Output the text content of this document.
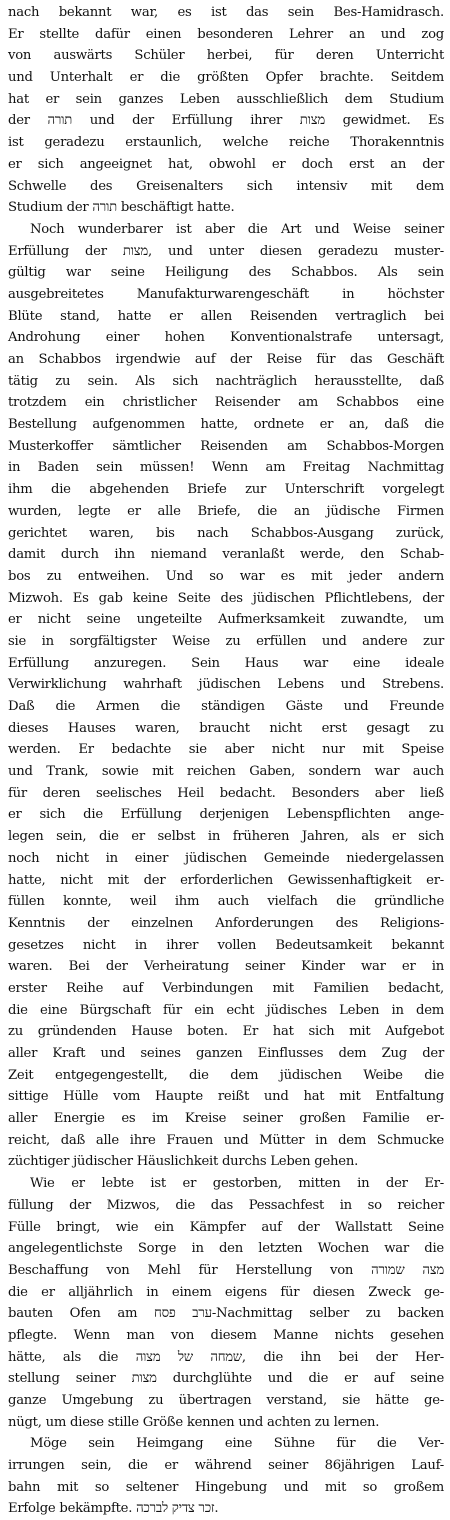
nach bekannt war, es ist das sein Bes-Hamidrasch.
Er stellte dafür einen besonderen Lehrer an und zog
von auswärts Schüler herbei, für deren Unterricht
und Unterhalt er die größten Opfer brachte. Seitdem
hat er sein ganzes Leben ausschließlich dem Studium
der תורה und der Erfüllung ihrer מצות gewidmet. Es
ist geradezu erstaunlich, welche reiche Thorakenntnis
er sich angeeignet hat, obwohl er doch erst an der
Schwelle des Greisenalters sich intensiv mit dem
Studium der תורה beschäftigt hatte.
Noch wunderbarer ist aber die Art und Weise seiner
Erfüllung der מצות, und unter diesen geradezu muster-
gültig war seine Heiligung des Schabbos. Als sein
ausgebreitetes Manufakturwarengeschäft in höchster
Blüte stand, hatte er allen Reisenden vertraglich bei
Androhung einer hohen Konventionalstrafe untersagt,
an Schabbos irgendwie auf der Reise für das Geschäft
tätig zu sein. Als sich nachträglich herausstellte, daß
trotzdem ein christlicher Reisender am Schabbos eine
Bestellung aufgenommen hatte, ordnete er an, daß die
Musterkoffer sämtlicher Reisenden am Schabbos-Morgen
in Baden sein müssen! Wenn am Freitag Nachmittag
ihm die abgehenden Briefe zur Unterschrift vorgelegt
wurden, legte er alle Briefe, die an jüdische Firmen
gerichtet waren, bis nach Schabbos-Ausgang zurück,
damit durch ihn niemand veranlaßt werde, den Schab-
bos zu entweihen. Und so war es mit jeder andern
Mizwoh. Es gab keine Seite des jüdischen Pflichtlebens, der
er nicht seine ungeteilte Aufmerksamkeit zuwandte, um
sie in sorgfältigster Weise zu erfüllen und andere zur
Erfüllung anzuregen. Sein Haus war eine ideale
Verwirklichung wahrhaft jüdischen Lebens und Strebens.
Daß die Armen die ständigen Gäste und Freunde
dieses Hauses waren, braucht nicht erst gesagt zu
werden. Er bedachte sie aber nicht nur mit Speise
und Trank, sowie mit reichen Gaben, sondern war auch
für deren seelisches Heil bedacht. Besonders aber ließ
er sich die Erfüllung derjenigen Lebenspflichten ange-
legen sein, die er selbst in früheren Jahren, als er sich
noch nicht in einer jüdischen Gemeinde niedergelassen
hatte, nicht mit der erforderlichen Gewissenhaftigkeit er-
füllen konnte, weil ihm auch vielfach die gründliche
Kenntnis der einzelnen Anforderungen des Religions-
gesetzes nicht in ihrer vollen Bedeutsamkeit bekannt
waren. Bei der Verheiratung seiner Kinder war er in
erster Reihe auf Verbindungen mit Familien bedacht,
die eine Bürgschaft für ein echt jüdisches Leben in dem
zu gründenden Hause boten. Er hat sich mit Aufgebot
aller Kraft und seines ganzen Einflusses dem Zug der
Zeit entgegengestellt, die dem jüdischen Weibe die
sittige Hülle vom Haupte reißt und hat mit Entfaltung
aller Energie es im Kreise seiner großen Familie er-
reicht, daß alle ihre Frauen und Mütter in dem Schmucke
züchtiger jüdischer Häuslichkeit durchs Leben gehen.
Wie er lebte ist er gestorben, mitten in der Er-
füllung der Mizwos, die das Pessachfest in so reicher
Fülle bringt, wie ein Kämpfer auf der Wallstatt Seine
angelegentlichste Sorge in den letzten Wochen war die
Beschaffung von Mehl für Herstellung von מצה שמורה
die er alljährlich in einem eigens für diesen Zweck ge-
bauten Ofen am ערב פסח-Nachmittag selber zu backen
pflegte. Wenn man von diesem Manne nichts gesehen
hätte, als die שמחה של מצוה, die ihn bei der Her-
stellung seiner מצות durchglühte und die er auf seine
ganze Umgebung zu übertragen verstand, sie hätte ge-
nügt, um diese stille Größe kennen und achten zu lernen.
Möge sein Heimgang eine Sühne für die Ver-
irrungen sein, die er während seiner 86jährigen Lauf-
bahn mit so seltener Hingebung und mit so großem
Erfolge bekämpfte. זכר צדיק לברכה.
